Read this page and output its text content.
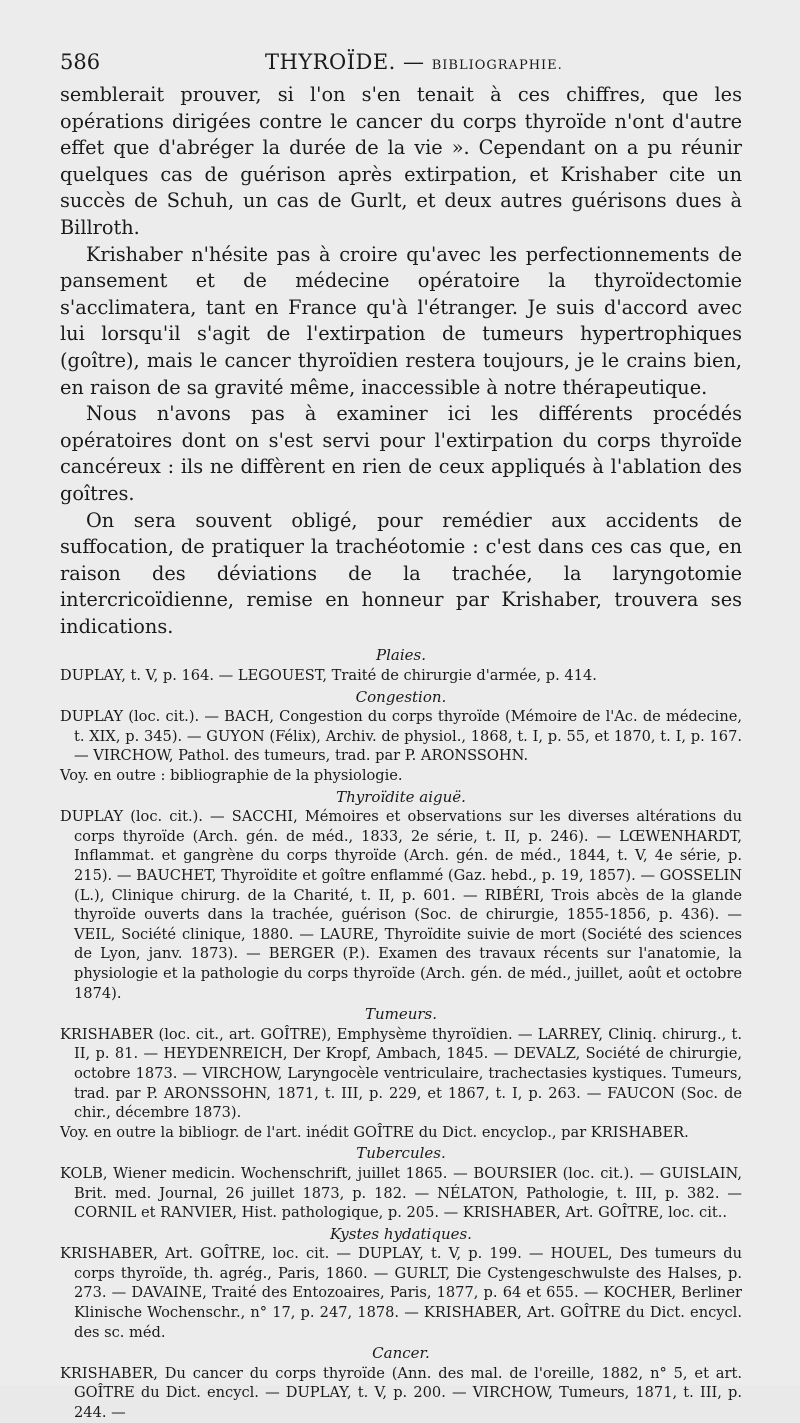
586	THYROÏDE. — BIBLIOGRAPHIE.

semblerait prouver, si l'on s'en tenait à ces chiffres, que les opérations dirigées contre le cancer du corps thyroïde n'ont d'autre effet que d'abréger la durée de la vie ». Cependant on a pu réunir quelques cas de guérison après extirpation, et Krishaber cite un succès de Schuh, un cas de Gurlt, et deux autres guérisons dues à Billroth.

Krishaber n'hésite pas à croire qu'avec les perfectionnements de pansement et de médecine opératoire la thyroïdectomie s'acclimatera, tant en France qu'à l'étranger. Je suis d'accord avec lui lorsqu'il s'agit de l'extirpation de tumeurs hypertrophiques (goître), mais le cancer thyroïdien restera toujours, je le crains bien, en raison de sa gravité même, inaccessible à notre thérapeutique.

Nous n'avons pas à examiner ici les différents procédés opératoires dont on s'est servi pour l'extirpation du corps thyroïde cancéreux : ils ne diffèrent en rien de ceux appliqués à l'ablation des goîtres.

On sera souvent obligé, pour remédier aux accidents de suffocation, de pratiquer la trachéotomie : c'est dans ces cas que, en raison des déviations de la trachée, la laryngotomie intercricoïdienne, remise en honneur par Krishaber, trouvera ses indications.

Plaies.

DUPLAY, t. V, p. 164. — LEGOUEST, Traité de chirurgie d'armée, p. 414.

Congestion.

DUPLAY (loc. cit.). — BACH, Congestion du corps thyroïde (Mémoire de l'Ac. de médecine, t. XIX, p. 345). — GUYON (Félix), Archiv. de physiol., 1868, t. I, p. 55, et 1870, t. I, p. 167. — VIRCHOW, Pathol. des tumeurs, trad. par P. ARONSSOHN.

Voy. en outre : bibliographie de la physiologie.

Thyroïdite aiguë.

DUPLAY (loc. cit.). — SACCHI, Mémoires et observations sur les diverses altérations du corps thyroïde (Arch. gén. de méd., 1833, 2e série, t. II, p. 246). — LŒWENHARDT, Inflammat. et gangrène du corps thyroïde (Arch. gén. de méd., 1844, t. V, 4e série, p. 215). — BAUCHET, Thyroïdite et goître enflammé (Gaz. hebd., p. 19, 1857). — GOSSELIN (L.), Clinique chirurg. de la Charité, t. II, p. 601. — RIBÉRI, Trois abcès de la glande thyroïde ouverts dans la trachée, guérison (Soc. de chirurgie, 1855-1856, p. 436). — VEIL, Société clinique, 1880. — LAURE, Thyroïdite suivie de mort (Société des sciences de Lyon, janv. 1873). — BERGER (P.). Examen des travaux récents sur l'anatomie, la physiologie et la pathologie du corps thyroïde (Arch. gén. de méd., juillet, août et octobre 1874).

Tumeurs.

KRISHABER (loc. cit., art. GOÎTRE), Emphysème thyroïdien. — LARREY, Cliniq. chirurg., t. II, p. 81. — HEYDENREICH, Der Kropf, Ambach, 1845. — DEVALZ, Société de chirurgie, octobre 1873. — VIRCHOW, Laryngocèle ventriculaire, trachectasies kystiques. Tumeurs, trad. par P. ARONSSOHN, 1871, t. III, p. 229, et 1867, t. I, p. 263. — FAUCON (Soc. de chir., décembre 1873).

Voy. en outre la bibliogr. de l'art. inédit GOÎTRE du Dict. encyclop., par KRISHABER.

Tubercules.

KOLB, Wiener medicin. Wochenschrift, juillet 1865. — BOURSIER (loc. cit.). — GUISLAIN, Brit. med. Journal, 26 juillet 1873, p. 182. — NÉLATON, Pathologie, t. III, p. 382. — CORNIL et RANVIER, Hist. pathologique, p. 205. — KRISHABER, Art. GOÎTRE, loc. cit..

Kystes hydatiques.

KRISHABER, Art. GOÎTRE, loc. cit. — DUPLAY, t. V, p. 199. — HOUEL, Des tumeurs du corps thyroïde, th. agrég., Paris, 1860. — GURLT, Die Cystengeschwulste des Halses, p. 273. — DAVAINE, Traité des Entozoaires, Paris, 1877, p. 64 et 655. — KOCHER, Berliner Klinische Wochenschr., n° 17, p. 247, 1878. — KRISHABER, Art. GOÎTRE du Dict. encycl. des sc. méd.

Cancer.

KRISHABER, Du cancer du corps thyroïde (Ann. des mal. de l'oreille, 1882, n° 5, et art. GOÎTRE du Dict. encycl. — DUPLAY, t. V, p. 200. — VIRCHOW, Tumeurs, 1871, t. III, p. 244. —
